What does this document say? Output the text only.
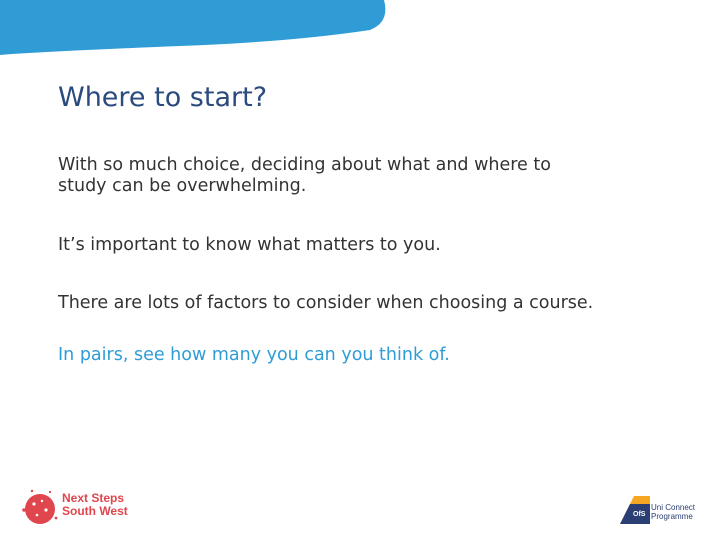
Where to start?

With so much choice, deciding about what and where to
study can be overwhelming.

It’s important to know what matters to you.

There are lots of factors to consider when choosing a course.

In pairs, see how many you can you think of.

Next Steps
South West	OfS
Uni Connect
Programme
